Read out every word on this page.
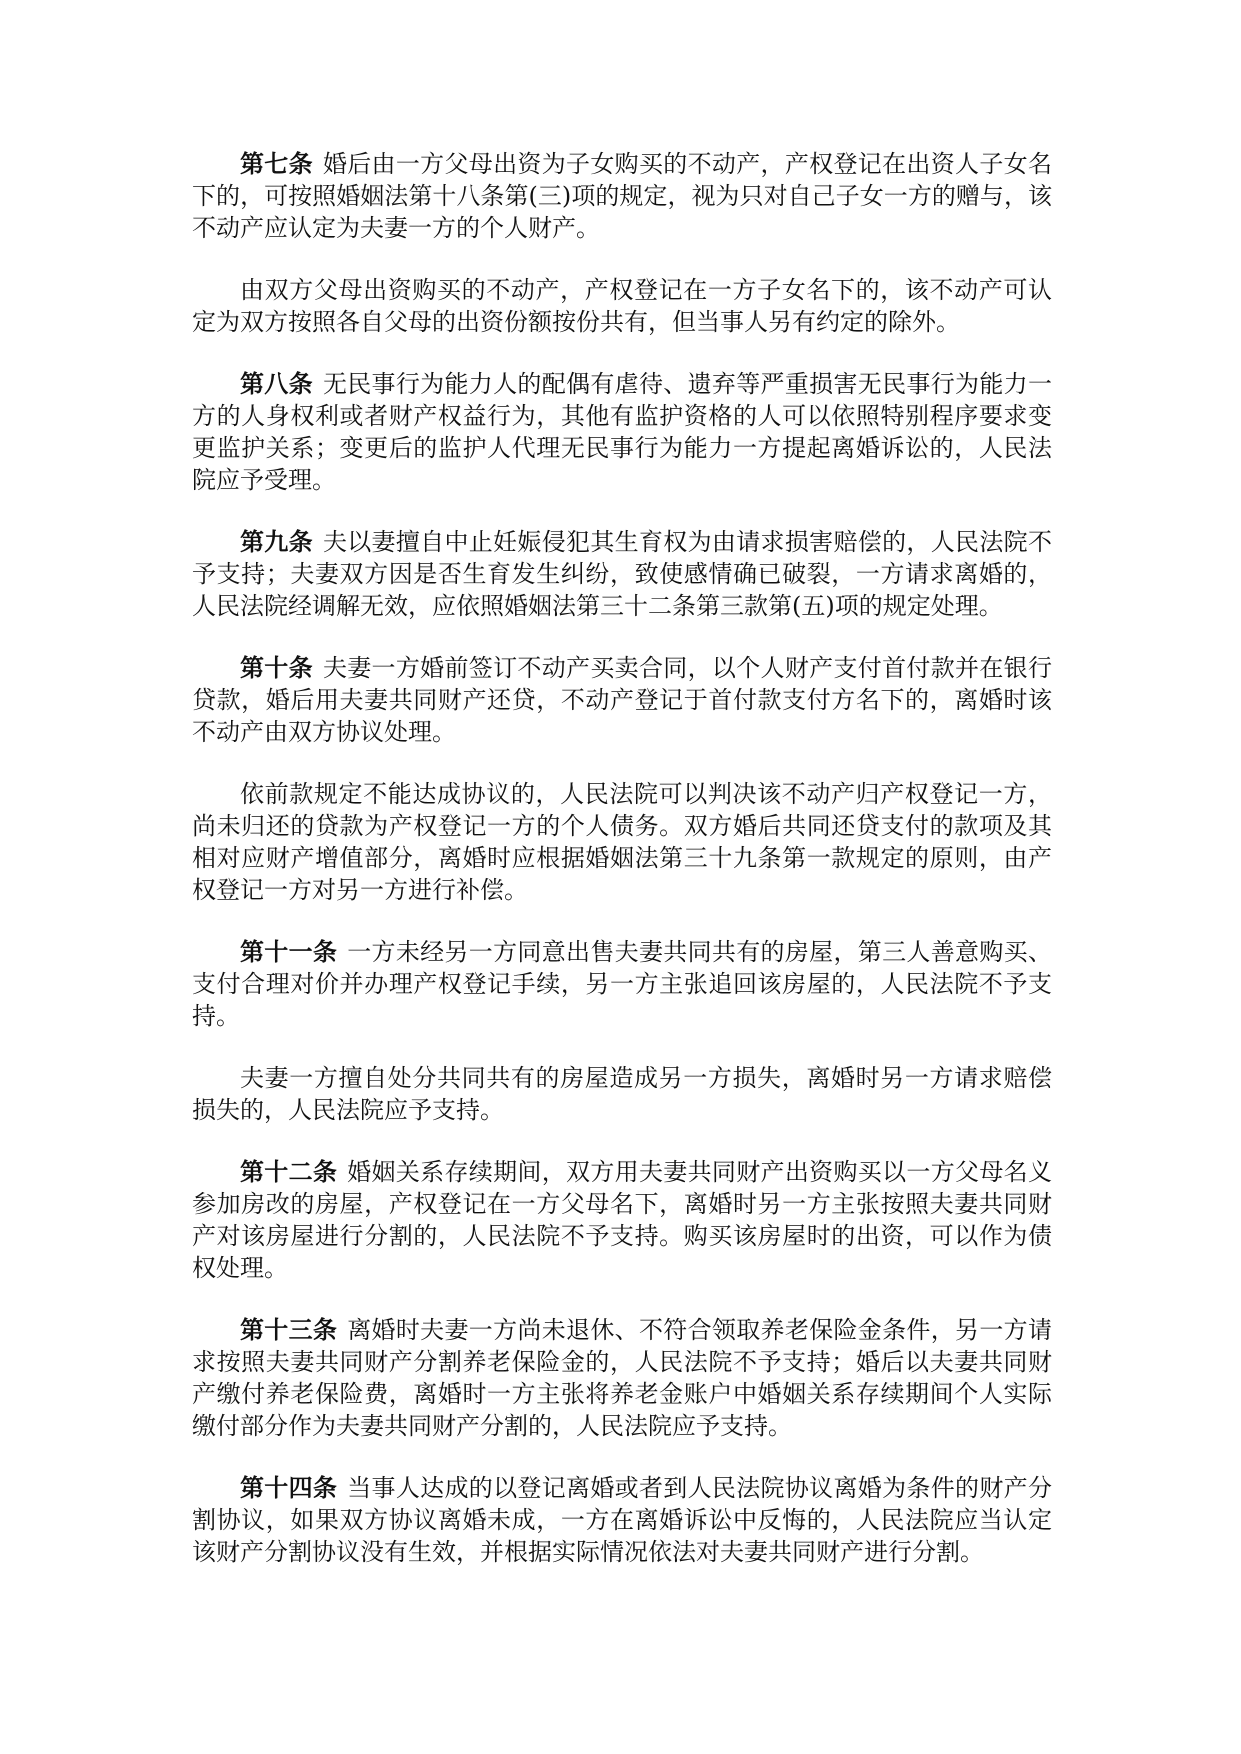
第七条 婚后由一方父母出资为子女购买的不动产，产权登记在出资人子女名下的，可按照婚姻法第十八条第(三)项的规定，视为只对自己子女一方的赠与，该不动产应认定为夫妻一方的个人财产。

由双方父母出资购买的不动产，产权登记在一方子女名下的，该不动产可认定为双方按照各自父母的出资份额按份共有，但当事人另有约定的除外。

第八条 无民事行为能力人的配偶有虐待、遗弃等严重损害无民事行为能力一方的人身权利或者财产权益行为，其他有监护资格的人可以依照特别程序要求变更监护关系；变更后的监护人代理无民事行为能力一方提起离婚诉讼的，人民法院应予受理。

第九条 夫以妻擅自中止妊娠侵犯其生育权为由请求损害赔偿的，人民法院不予支持；夫妻双方因是否生育发生纠纷，致使感情确已破裂，一方请求离婚的，人民法院经调解无效，应依照婚姻法第三十二条第三款第(五)项的规定处理。

第十条 夫妻一方婚前签订不动产买卖合同，以个人财产支付首付款并在银行贷款，婚后用夫妻共同财产还贷，不动产登记于首付款支付方名下的，离婚时该不动产由双方协议处理。

依前款规定不能达成协议的，人民法院可以判决该不动产归产权登记一方，尚未归还的贷款为产权登记一方的个人债务。双方婚后共同还贷支付的款项及其相对应财产增值部分，离婚时应根据婚姻法第三十九条第一款规定的原则，由产权登记一方对另一方进行补偿。

第十一条 一方未经另一方同意出售夫妻共同共有的房屋，第三人善意购买、支付合理对价并办理产权登记手续，另一方主张追回该房屋的，人民法院不予支持。

夫妻一方擅自处分共同共有的房屋造成另一方损失，离婚时另一方请求赔偿损失的，人民法院应予支持。

第十二条 婚姻关系存续期间，双方用夫妻共同财产出资购买以一方父母名义参加房改的房屋，产权登记在一方父母名下，离婚时另一方主张按照夫妻共同财产对该房屋进行分割的，人民法院不予支持。购买该房屋时的出资，可以作为债权处理。

第十三条 离婚时夫妻一方尚未退休、不符合领取养老保险金条件，另一方请求按照夫妻共同财产分割养老保险金的，人民法院不予支持；婚后以夫妻共同财产缴付养老保险费，离婚时一方主张将养老金账户中婚姻关系存续期间个人实际缴付部分作为夫妻共同财产分割的，人民法院应予支持。

第十四条 当事人达成的以登记离婚或者到人民法院协议离婚为条件的财产分割协议，如果双方协议离婚未成，一方在离婚诉讼中反悔的，人民法院应当认定该财产分割协议没有生效，并根据实际情况依法对夫妻共同财产进行分割。
